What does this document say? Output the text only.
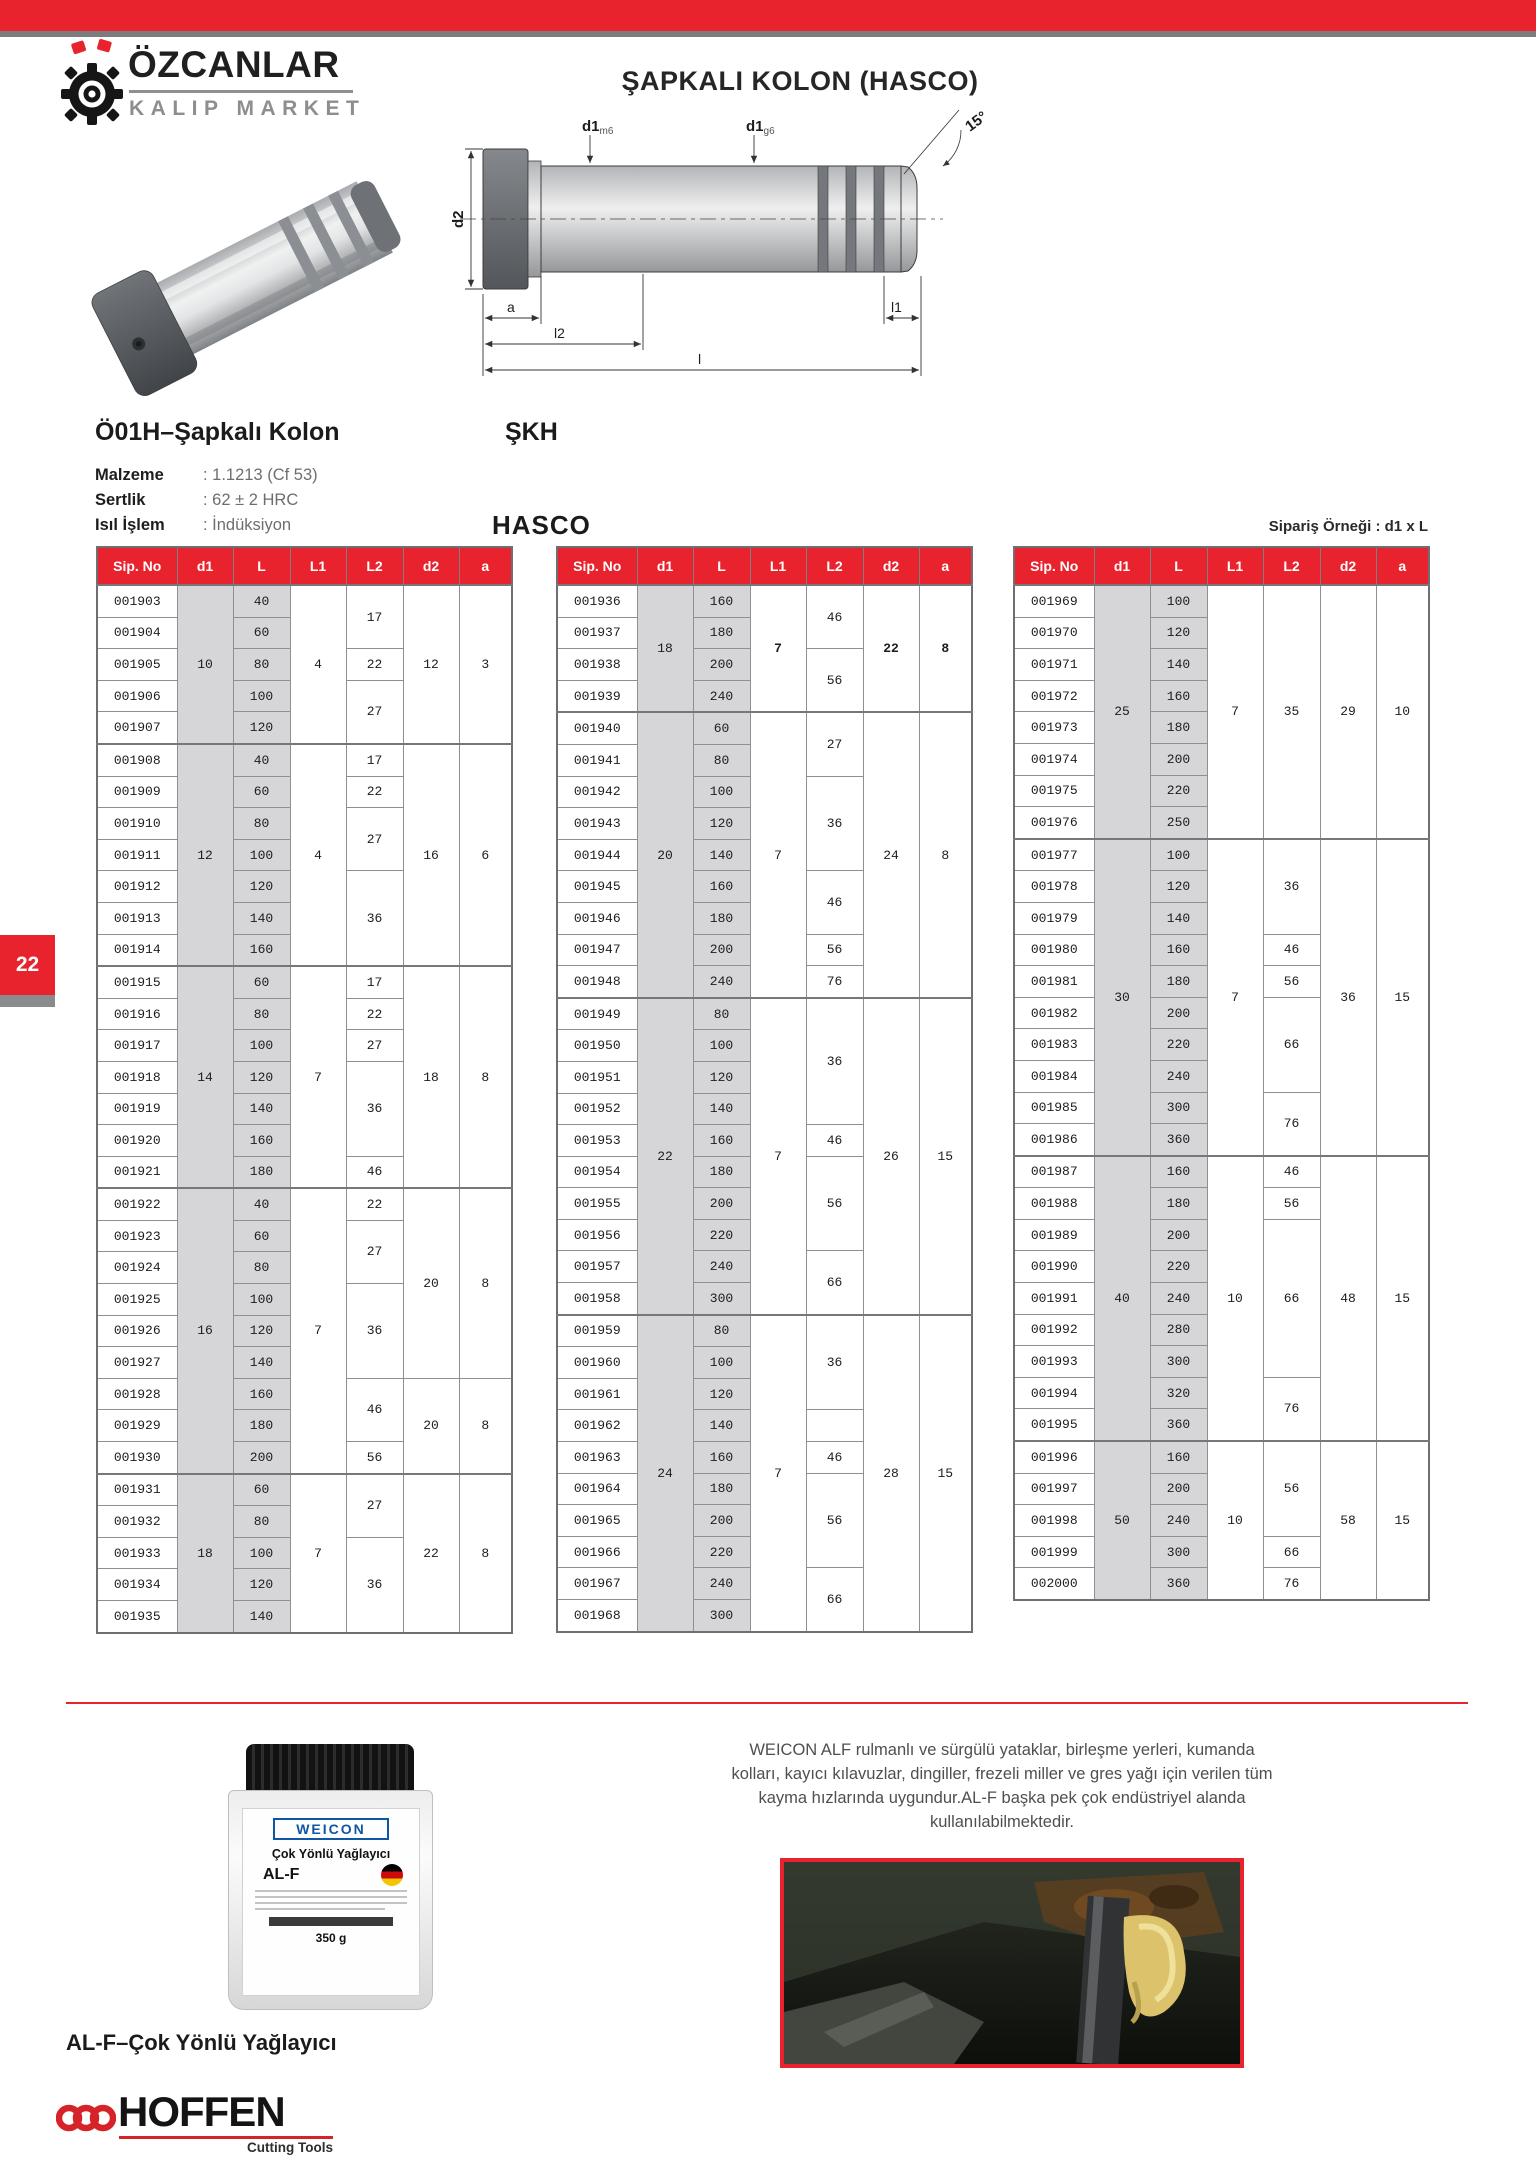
ÖZCANLAR
KALIP MARKET
ŞAPKALI KOLON (HASCO)
d2
d1m6	d1g6	15°
a
l2
l
l1
Ö01H–Şapkalı Kolon	ŞKH
HASCO
Malzeme	: 1.1213 (Cf 53)
Sertlik	: 62 ± 2 HRC
Isıl İşlem	: İndüksiyon	Sipariş Örneği : d1 x L
Sip. No	d1	L	L1	L2	d2	a
001903	10	40	4	17	12	3
001904		60				
001905		80		22		
001906		100		27		
001907		120				
001908	12	40	4	17	16	6
001909		60		22		
001910		80		27		
001911		100				
001912		120		36		
001913		140				
001914		160				
001915	14	60	7	17	18	8
001916		80		22		
001917		100		27		
001918		120		36		
001919		140				
001920		160				
001921		180		46		
001922	16	40	7	22	20	8
001923		60		27		
001924		80				
001925		100		36		
001926		120				
001927		140				
001928		160		46	20	8
001929		180				
001930		200		56		
001931	18	60	7	27	22	8
001932		80				
001933		100		36		
001934		120				
001935		140				
Sip. No	d1	L	L1	L2	d2	a
001936	18	160	7	46	22	8
001937		180				
001938		200		56		
001939		240				
001940	20	60	7	27	24	8
001941		80				
001942		100		36		
001943		120				
001944		140				
001945		160		46		
001946		180				
001947		200		56		
001948		240		76		
001949	22	80	7	36	26	15
001950		100				
001951		120				
001952		140				
001953		160		46		
001954		180		56		
001955		200				
001956		220				
001957		240		66		
001958		300				
001959	24	80	7	36	28	15
001960		100				
001961		120				
001962		140				
001963		160		46		
001964		180		56		
001965		200				
001966		220				
001967		240		66		
001968		300				
Sip. No	d1	L	L1	L2	d2	a
001969	25	100	7	35	29	10
001970		120				
001971		140				
001972		160				
001973		180				
001974		200				
001975		220				
001976		250				
001977	30	100	7	36	36	15
001978		120				
001979		140				
001980		160		46		
001981		180		56		
001982		200		66		
001983		220				
001984		240				
001985		300		76		
001986		360				
001987	40	160	10	46	48	15
001988		180		56		
001989		200		66		
001990		220				
001991		240				
001992		280				
001993		300				
001994		320		76		
001995		360				
001996	50	160	10	56	58	15
001997		200				
001998		240				
001999		300		66		
002000		360		76		
22
WEICON
Çok Yönlü Yağlayıcı
AL-F
350 g
WEICON ALF rulmanlı ve sürgülü yataklar, birleşme yerleri, kumanda kolları, kayıcı kılavuzlar, dingiller, frezeli miller ve gres yağı için verilen tüm kayma hızlarında uygundur.AL-F başka pek çok endüstriyel alanda kullanılabilmektedir.
AL-F–Çok Yönlü Yağlayıcı
HOFFEN
Cutting Tools
